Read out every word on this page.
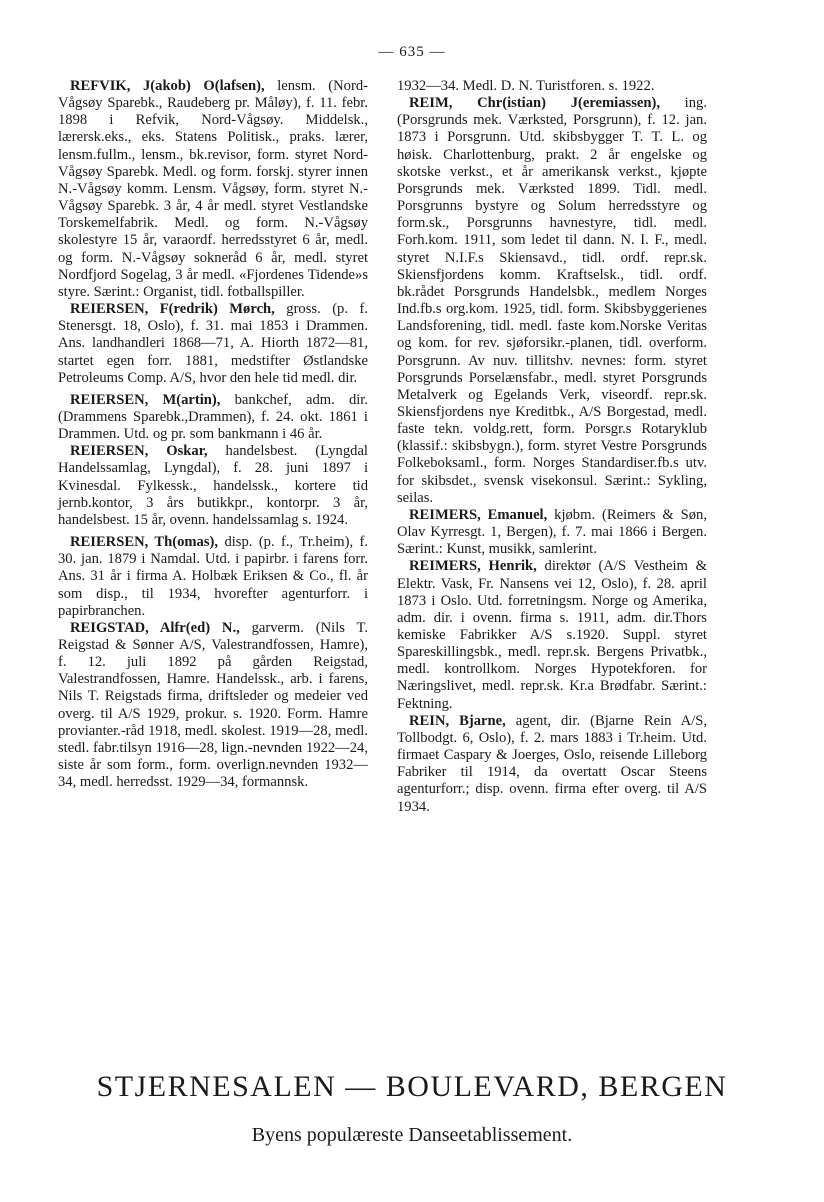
— 635 —

REFVIK, J(akob) O(lafsen), lensm. (Nord-Vågsøy Sparebk., Raudeberg pr. Måløy), f. 11. febr. 1898 i Refvik, Nord-Vågsøy. Middelsk., lærersk.eks., eks. Statens Politisk., praks. lærer, lensm.fullm., lensm., bk.revisor, form. styret Nord-Vågsøy Sparebk. Medl. og form. forskj. styrer innen N.-Vågsøy komm. Lensm. Vågsøy, form. styret N.-Vågsøy Sparebk. 3 år, 4 år medl. styret Vestlandske Torskemelfabrik. Medl. og form. N.-Vågsøy skolestyre 15 år, varaordf. herredsstyret 6 år, medl. og form. N.-Vågsøy sokneråd 6 år, medl. styret Nordfjord Sogelag, 3 år medl. «Fjordenes Tidende»s styre. Særint.: Organist, tidl. fotballspiller.

REIERSEN, F(redrik) Mørch, gross. (p. f. Stenersgt. 18, Oslo), f. 31. mai 1853 i Drammen. Ans. landhandleri 1868—71, A. Hiorth 1872—81, startet egen forr. 1881, medstifter Østlandske Petroleums Comp. A/S, hvor den hele tid medl. dir.

REIERSEN, M(artin), bankchef, adm. dir. (Drammens Sparebk.,Drammen), f. 24. okt. 1861 i Drammen. Utd. og pr. som bankmann i 46 år.

REIERSEN, Oskar, handelsbest. (Lyngdal Handelssamlag, Lyngdal), f. 28. juni 1897 i Kvinesdal. Fylkessk., handelssk., kortere tid jernb.kontor, 3 års butikkpr., kontorpr. 3 år, handelsbest. 15 år, ovenn. handelssamlag s. 1924.

REIERSEN, Th(omas), disp. (p. f., Tr.heim), f. 30. jan. 1879 i Namdal. Utd. i papirbr. i farens forr. Ans. 31 år i firma A. Holbæk Eriksen & Co., fl. år som disp., til 1934, hvorefter agenturforr. i papirbranchen.

REIGSTAD, Alfr(ed) N., garverm. (Nils T. Reigstad & Sønner A/S, Valestrandfossen, Hamre), f. 12. juli 1892 på gården Reigstad, Valestrandfossen, Hamre. Handelssk., arb. i farens, Nils T. Reigstads firma, driftsleder og medeier ved overg. til A/S 1929, prokur. s. 1920. Form. Hamre provianter.-råd 1918, medl. skolest. 1919—28, medl. stedl. fabr.tilsyn 1916—28, lign.-nevnden 1922—24, siste år som form., form. overlign.nevnden 1932—34, medl. herredsst. 1929—34, formannsk.

1932—34. Medl. D. N. Turistforen. s. 1922.

REIM, Chr(istian) J(eremiassen), ing. (Porsgrunds mek. Værksted, Porsgrunn), f. 12. jan. 1873 i Porsgrunn. Utd. skibsbygger T. T. L. og høisk. Charlottenburg, prakt. 2 år engelske og skotske verkst., et år amerikansk verkst., kjøpte Porsgrunds mek. Værksted 1899. Tidl. medl. Porsgrunns bystyre og Solum herredsstyre og form.sk., Porsgrunns havnestyre, tidl. medl. Forh.kom. 1911, som ledet til dann. N. I. F., medl. styret N.I.F.s Skiensavd., tidl. ordf. repr.sk. Skiensfjordens komm. Kraftselsk., tidl. ordf. bk.rådet Porsgrunds Handelsbk., medlem Norges Ind.fb.s org.kom. 1925, tidl. form. Skibsbyggerienes Landsforening, tidl. medl. faste kom.Norske Veritas og kom. for rev. sjøforsikr.-planen, tidl. overform. Porsgrunn. Av nuv. tillitshv. nevnes: form. styret Porsgrunds Porselænsfabr., medl. styret Porsgrunds Metalverk og Egelands Verk, viseordf. repr.sk. Skiensfjordens nye Kreditbk., A/S Borgestad, medl. faste tekn. voldg.rett, form. Porsgr.s Rotaryklub (klassif.: skibsbygn.), form. styret Vestre Porsgrunds Folkeboksaml., form. Norges Standardiser.fb.s utv. for skibsdet., svensk visekonsul. Særint.: Sykling, seilas.

REIMERS, Emanuel, kjøbm. (Reimers & Søn, Olav Kyrresgt. 1, Bergen), f. 7. mai 1866 i Bergen. Særint.: Kunst, musikk, samlerint.

REIMERS, Henrik, direktør (A/S Vestheim & Elektr. Vask, Fr. Nansens vei 12, Oslo), f. 28. april 1873 i Oslo. Utd. forretningsm. Norge og Amerika, adm. dir. i ovenn. firma s. 1911, adm. dir.Thors kemiske Fabrikker A/S s.1920. Suppl. styret Spareskillingsbk., medl. repr.sk. Bergens Privatbk., medl. kontrollkom. Norges Hypotekforen. for Næringslivet, medl. repr.sk. Kr.a Brødfabr. Særint.: Fektning.

REIN, Bjarne, agent, dir. (Bjarne Rein A/S, Tollbodgt. 6, Oslo), f. 2. mars 1883 i Tr.heim. Utd. firmaet Caspary & Joerges, Oslo, reisende Lilleborg Fabriker til 1914, da overtatt Oscar Steens agenturforr.; disp. ovenn. firma efter overg. til A/S 1934.

STJERNESALEN — BOULEVARD, BERGEN
Byens populæreste Danseetablissement.
